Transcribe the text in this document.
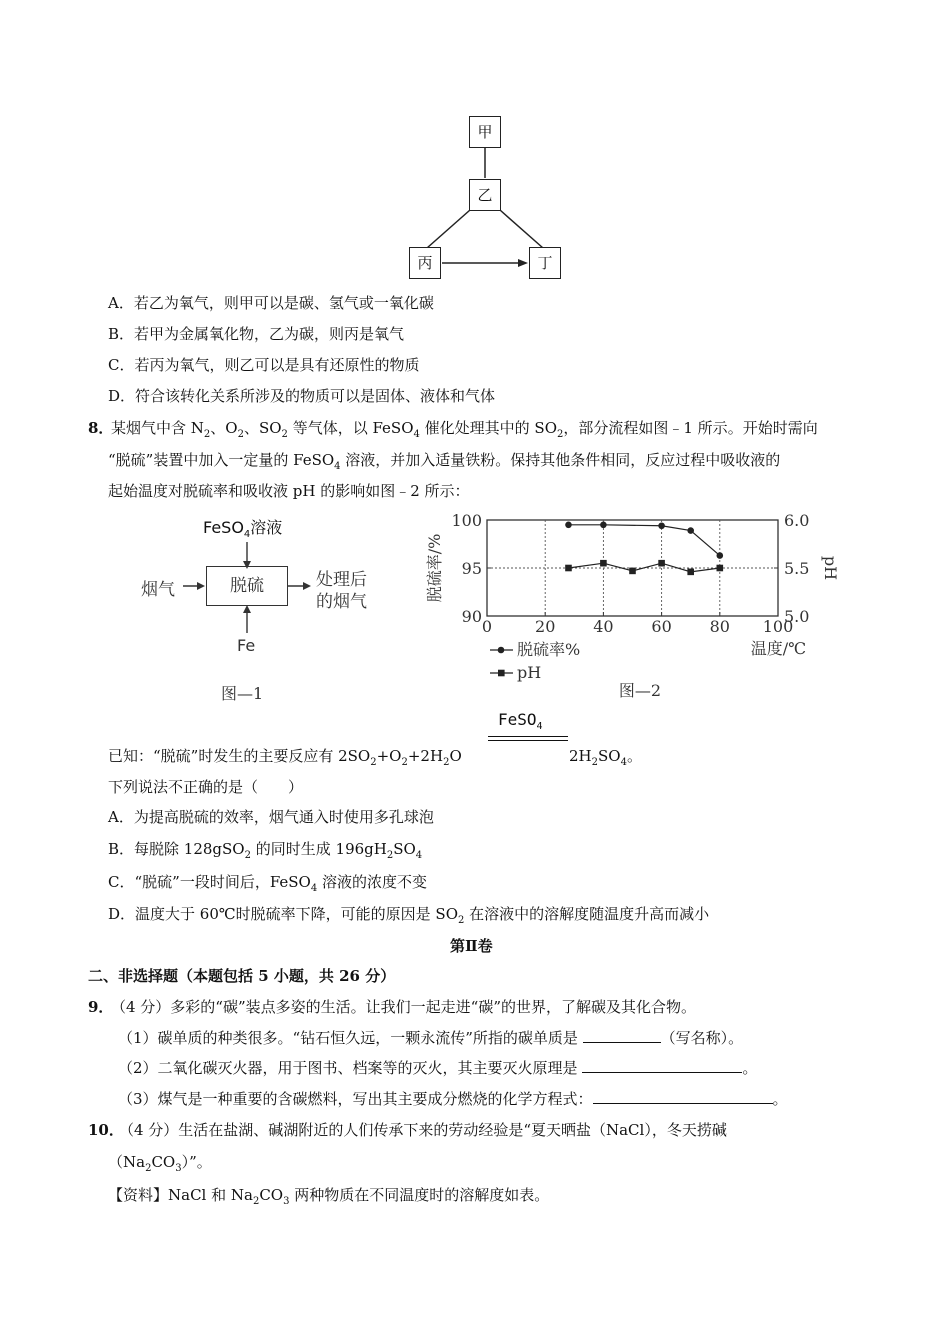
甲
乙
丙	丁
A．若乙为氧气，则甲可以是碳、氢气或一氧化碳
B．若甲为金属氧化物，乙为碳，则丙是氧气
C．若丙为氧气，则乙可以是具有还原性的物质
D．符合该转化关系所涉及的物质可以是固体、液体和气体
8．
某烟气中含 $N_2$、$O_2$、$SO_2$ 等气体，以 FeSO$_4$ 催化处理其中的 $SO_2$，部分流程如图﹣1 所示。开始时需向
“脱硫”装置中加入一定量的 FeSO$_4$ 溶液，并加入适量铁粉。保持其他条件相同，反应过程中吸收液的
起始温度对脱硫率和吸收液 pH 的影响如图﹣2 所示：
FeSO$_4$溶液
烟气	脱硫	处理后
的烟气
Fe
图—1
0	20 40 60 80 100
90
95
100
5.0
5.5
6.0
脱硫率/%	pH
温度/℃
脱硫率%
pH
图—2
FeSO$_4$
已知：“脱硫”时发生的主要反应有 $2SO_2+O_2+2H_2O$	$2H_2SO_4$。
下列说法不正确的是（　　）
A．为提高脱硫的效率，烟气通入时使用多孔球泡
B．每脱除 128gSO$_2$ 的同时生成 $196gH_2SO_4$
C．“脱硫”一段时间后，FeSO$_4$ 溶液的浓度不变
D．温度大于 60℃时脱硫率下降，可能的原因是 $SO_2$ 在溶液中的溶解度随温度升高而减小
第Ⅱ卷
二、非选择题（本题包括 5 小题，共 26 分）
9．
（4 分）多彩的“碳”装点多姿的生活。让我们一起走进“碳”的世界，了解碳及其化合物。
（1）碳单质的种类很多。“钻石恒久远，一颗永流传”所指的碳单质是	（写名称）。
（2）二氧化碳灭火器，用于图书、档案等的灭火，其主要灭火原理是	。
（3）煤气是一种重要的含碳燃料，写出其主要成分燃烧的化学方程式：	。
10．
（4 分）生活在盐湖、碱湖附近的人们传承下来的劳动经验是“夏天晒盐（NaCl），冬天捞碱
$(Na_2CO_3)$”。
【资料】NaCl 和 $Na_2CO_3$ 两种物质在不同温度时的溶解度如表。
